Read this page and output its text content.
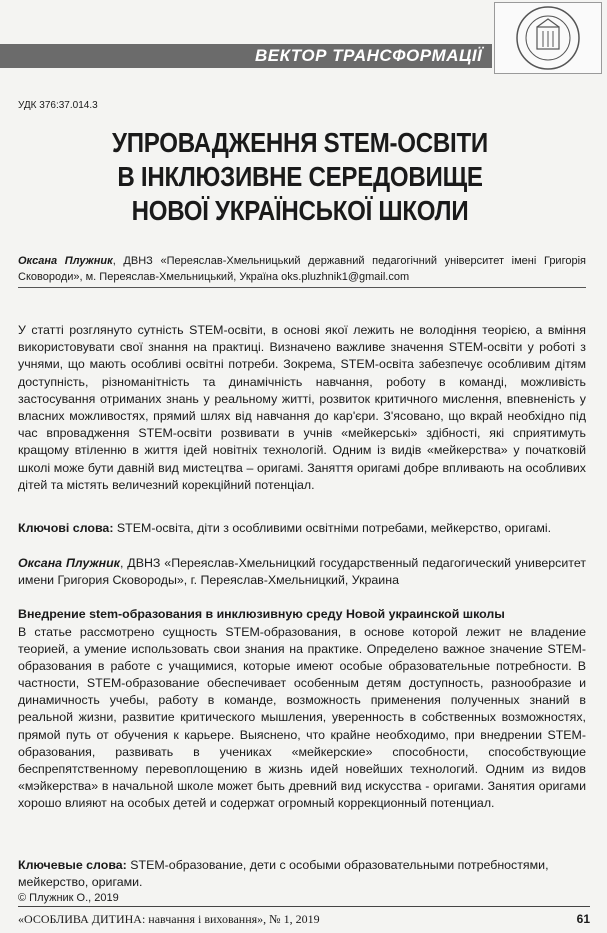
ВЕКТОР ТРАНСФОРМАЦІЇ
УДК 376:37.014.3
УПРОВАДЖЕННЯ STEM-ОСВІТИ
В ІНКЛЮЗИВНЕ СЕРЕДОВИЩЕ
НОВОЇ УКРАЇНСЬКОЇ ШКОЛИ
Оксана Плужник, ДВНЗ «Переяслав-Хмельницький державний педагогічний університет імені Григорія Сковороди», м. Переяслав-Хмельницький, Україна oks.pluzhnik1@gmail.com

У статті розглянуто сутність STEM-освіти, в основі якої лежить не володіння теорією, а вміння використовувати свої знання на практиці. Визначено важливе значення STEM-освіти у роботі з учнями, що мають особливі освітні потреби. Зокрема, STEM-освіта забезпечує особливим дітям доступність, різноманітність та динамічність навчання, роботу в команді, можливість застосування отриманих знань у реальному житті, розвиток критичного мислення, впевненість у власних можливостях, прямий шлях від навчання до кар'єри. З'ясовано, що вкрай необхідно під час впровадження STEM-освіти розвивати в учнів «мейкерські» здібності, які сприятимуть кращому втіленню в життя ідей новітніх технологій. Одним із видів «мейкерства» у початковій школі може бути давній вид мистецтва – оригамі. Заняття оригамі добре впливають на особливих дітей та містять величезний корекційний потенціал.

Ключові слова: STEM-освіта, діти з особливими освітніми потребами, мейкерство, оригамі.
Оксана Плужник, ДВНЗ «Переяслав-Хмельницкий государственный педагогический университет имени Григория Сковороды», г. Переяслав-Хмельницкий, Украина
Внедрение stem-образования в инклюзивную среду Новой украинской школы
В статье рассмотрено сущность STEM-образования, в основе которой лежит не владение теорией, а умение использовать свои знания на практике. Определено важное значение STEM-образования в работе с учащимися, которые имеют особые образовательные потребности. В частности, STEM-образование обеспечивает особенным детям доступность, разнообразие и динамичность учебы, работу в команде, возможность применения полученных знаний в реальной жизни, развитие критического мышления, уверенность в собственных возможностях, прямой путь от обучения к карьере. Выяснено, что крайне необходимо, при внедрении STEM-образования, развивать в учениках «мейкерские» способности, способствующие беспрепятственному перевоплощению в жизнь идей новейших технологий. Одним из видов «мэйкерства» в начальной школе может быть древний вид искусства - оригами. Занятия оригами хорошо влияют на особых детей и содержат огромный коррекционный потенциал.
Ключевые слова: STEM-образование, дети с особыми образовательными потребностями, мейкерство, оригами.
© Плужник О., 2019
«ОСОБЛИВА ДИТИНА: навчання і виховання», № 1, 2019	61
